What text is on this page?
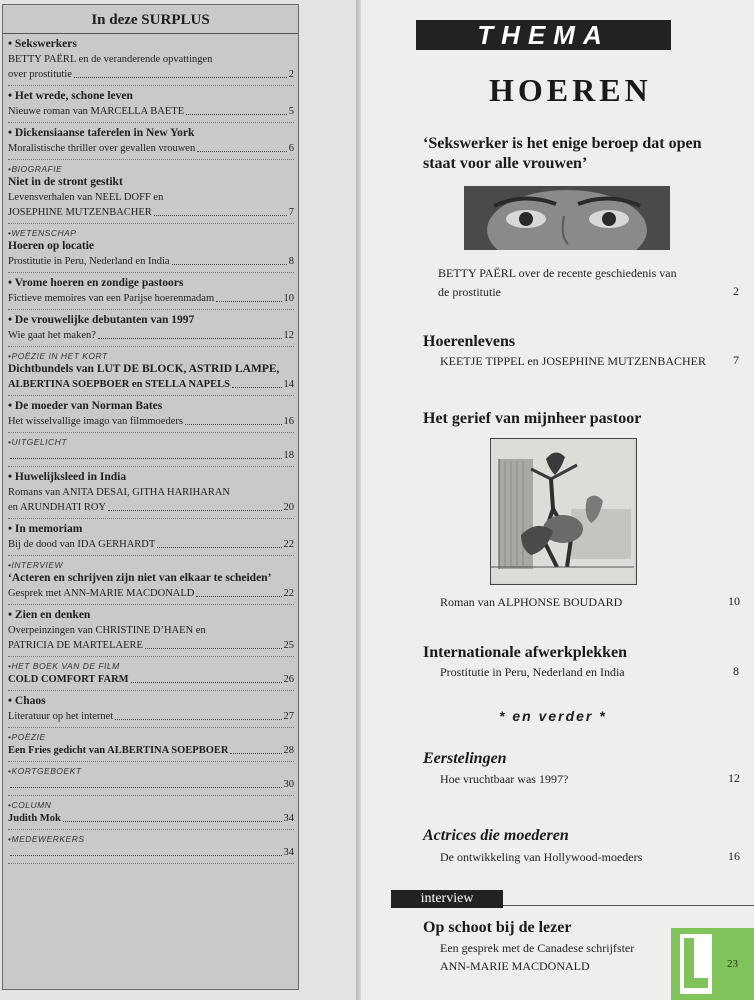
In deze SURPLUS
• Sekswerkers
BETTY PAËRL en de veranderende opvattingen
over prostitutie	2
• Het wrede, schone leven
Nieuwe roman van MARCELLA BAETE	5
• Dickensiaanse taferelen in New York
Moralistische thriller over gevallen vrouwen	6
• BIOGRAFIE
Niet in de stront gestikt
Levensverhalen van NEEL DOFF en
JOSEPHINE MUTZENBACHER	7
• WETENSCHAP
Hoeren op locatie
Prostitutie in Peru, Nederland en India	8
• Vrome hoeren en zondige pastoors
Fictieve memoires van een Parijse hoerenmadam	10
• De vrouwelijke debutanten van 1997
Wie gaat het maken?	12
• POËZIE IN HET KORT
Dichtbundels van LUT DE BLOCK, ASTRID LAMPE,
ALBERTINA SOEPBOER en STELLA NAPELS	14
• De moeder van Norman Bates
Het wisselvallige imago van filmmoeders	16
• UITGELICHT
18
• Huwelijksleed in India
Romans van ANITA DESAI, GITHA HARIHARAN
en ARUNDHATI ROY	20
• In memoriam
Bij de dood van IDA GERHARDT	22
• INTERVIEW
‘Acteren en schrijven zijn niet van elkaar te scheiden’
Gesprek met ANN-MARIE MACDONALD	22
• Zien en denken
Overpeinzingen van CHRISTINE D’HAEN en
PATRICIA DE MARTELAERE	25
• HET BOEK VAN DE FILM
COLD COMFORT FARM	26
• Chaos
Literatuur op het internet	27
• POËZIE
Een Fries gedicht van ALBERTINA SOEPBOER	28
• KORTGEBOEKT
30
• COLUMN
Judith Mok	34
• MEDEWERKERS
34
THEMA
HOEREN
‘Sekswerker is het enige beroep dat open
staat voor alle vrouwen’
BETTY PAËRL over de recente geschiedenis van
de prostitutie	2
Hoerenlevens
KEETJE TIPPEL en JOSEPHINE MUTZENBACHER 7
Het gerief van mijnheer pastoor
Roman van ALPHONSE BOUDARD	10
Internationale afwerkplekken
Prostitutie in Peru, Nederland en India	8
* en verder *
Eerstelingen
Hoe vruchtbaar was 1997?	12
Actrices die moederen
De ontwikkeling van Hollywood-moeders	16
interview
Op schoot bij de lezer
Een gesprek met de Canadese schrijfster
ANN-MARIE MACDONALD	23
